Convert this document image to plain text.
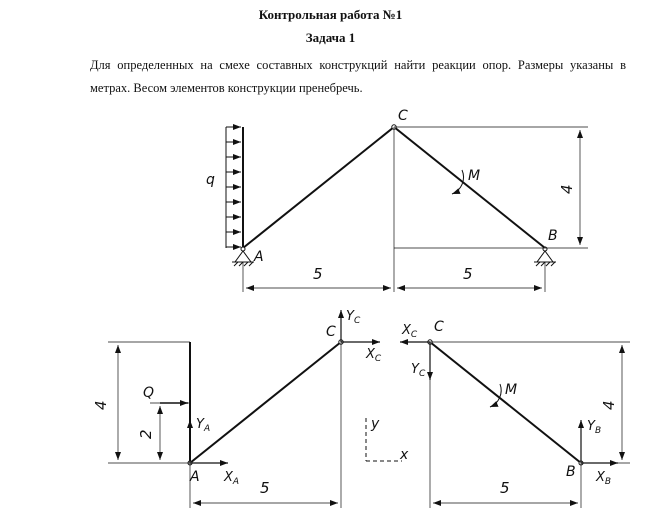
Контрольная работа №1

Задача 1

Для определенных на смехе составных конструкций найти реакции опор. Размеры указаны в метрах. Весом элементов конструкции пренебречь.

q
5	5
4
M
A
B
C
4
2
5
Q
$Y_A$
$X_A$
$Y_C$
$X_C$
A
C
y
x
4
5
$X_C$
$Y_C$
$Y_B$
$X_B$
M
C
B
